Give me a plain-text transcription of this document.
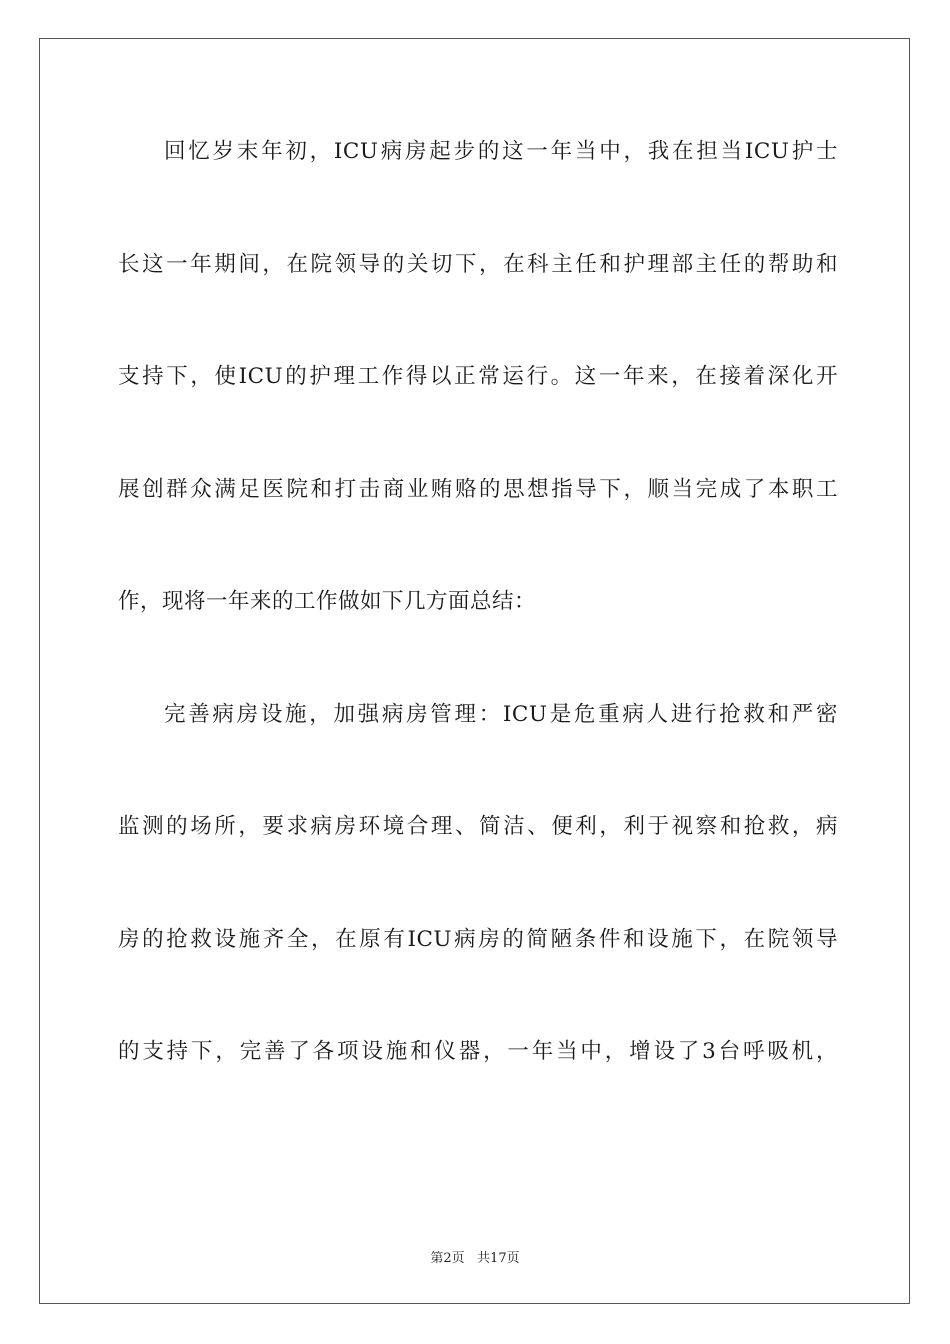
回忆岁末年初，ICU病房起步的这一年当中，我在担当ICU护士
长这一年期间，在院领导的关切下，在科主任和护理部主任的帮助和
支持下，使ICU的护理工作得以正常运行。这一年来，在接着深化开
展创群众满足医院和打击商业贿赂的思想指导下，顺当完成了本职工
作，现将一年来的工作做如下几方面总结：
完善病房设施，加强病房管理：ICU是危重病人进行抢救和严密
监测的场所，要求病房环境合理、简洁、便利，利于视察和抢救，病
房的抢救设施齐全，在原有ICU病房的简陋条件和设施下，在院领导
的支持下，完善了各项设施和仪器，一年当中，增设了3台呼吸机，
第2页   共17页
